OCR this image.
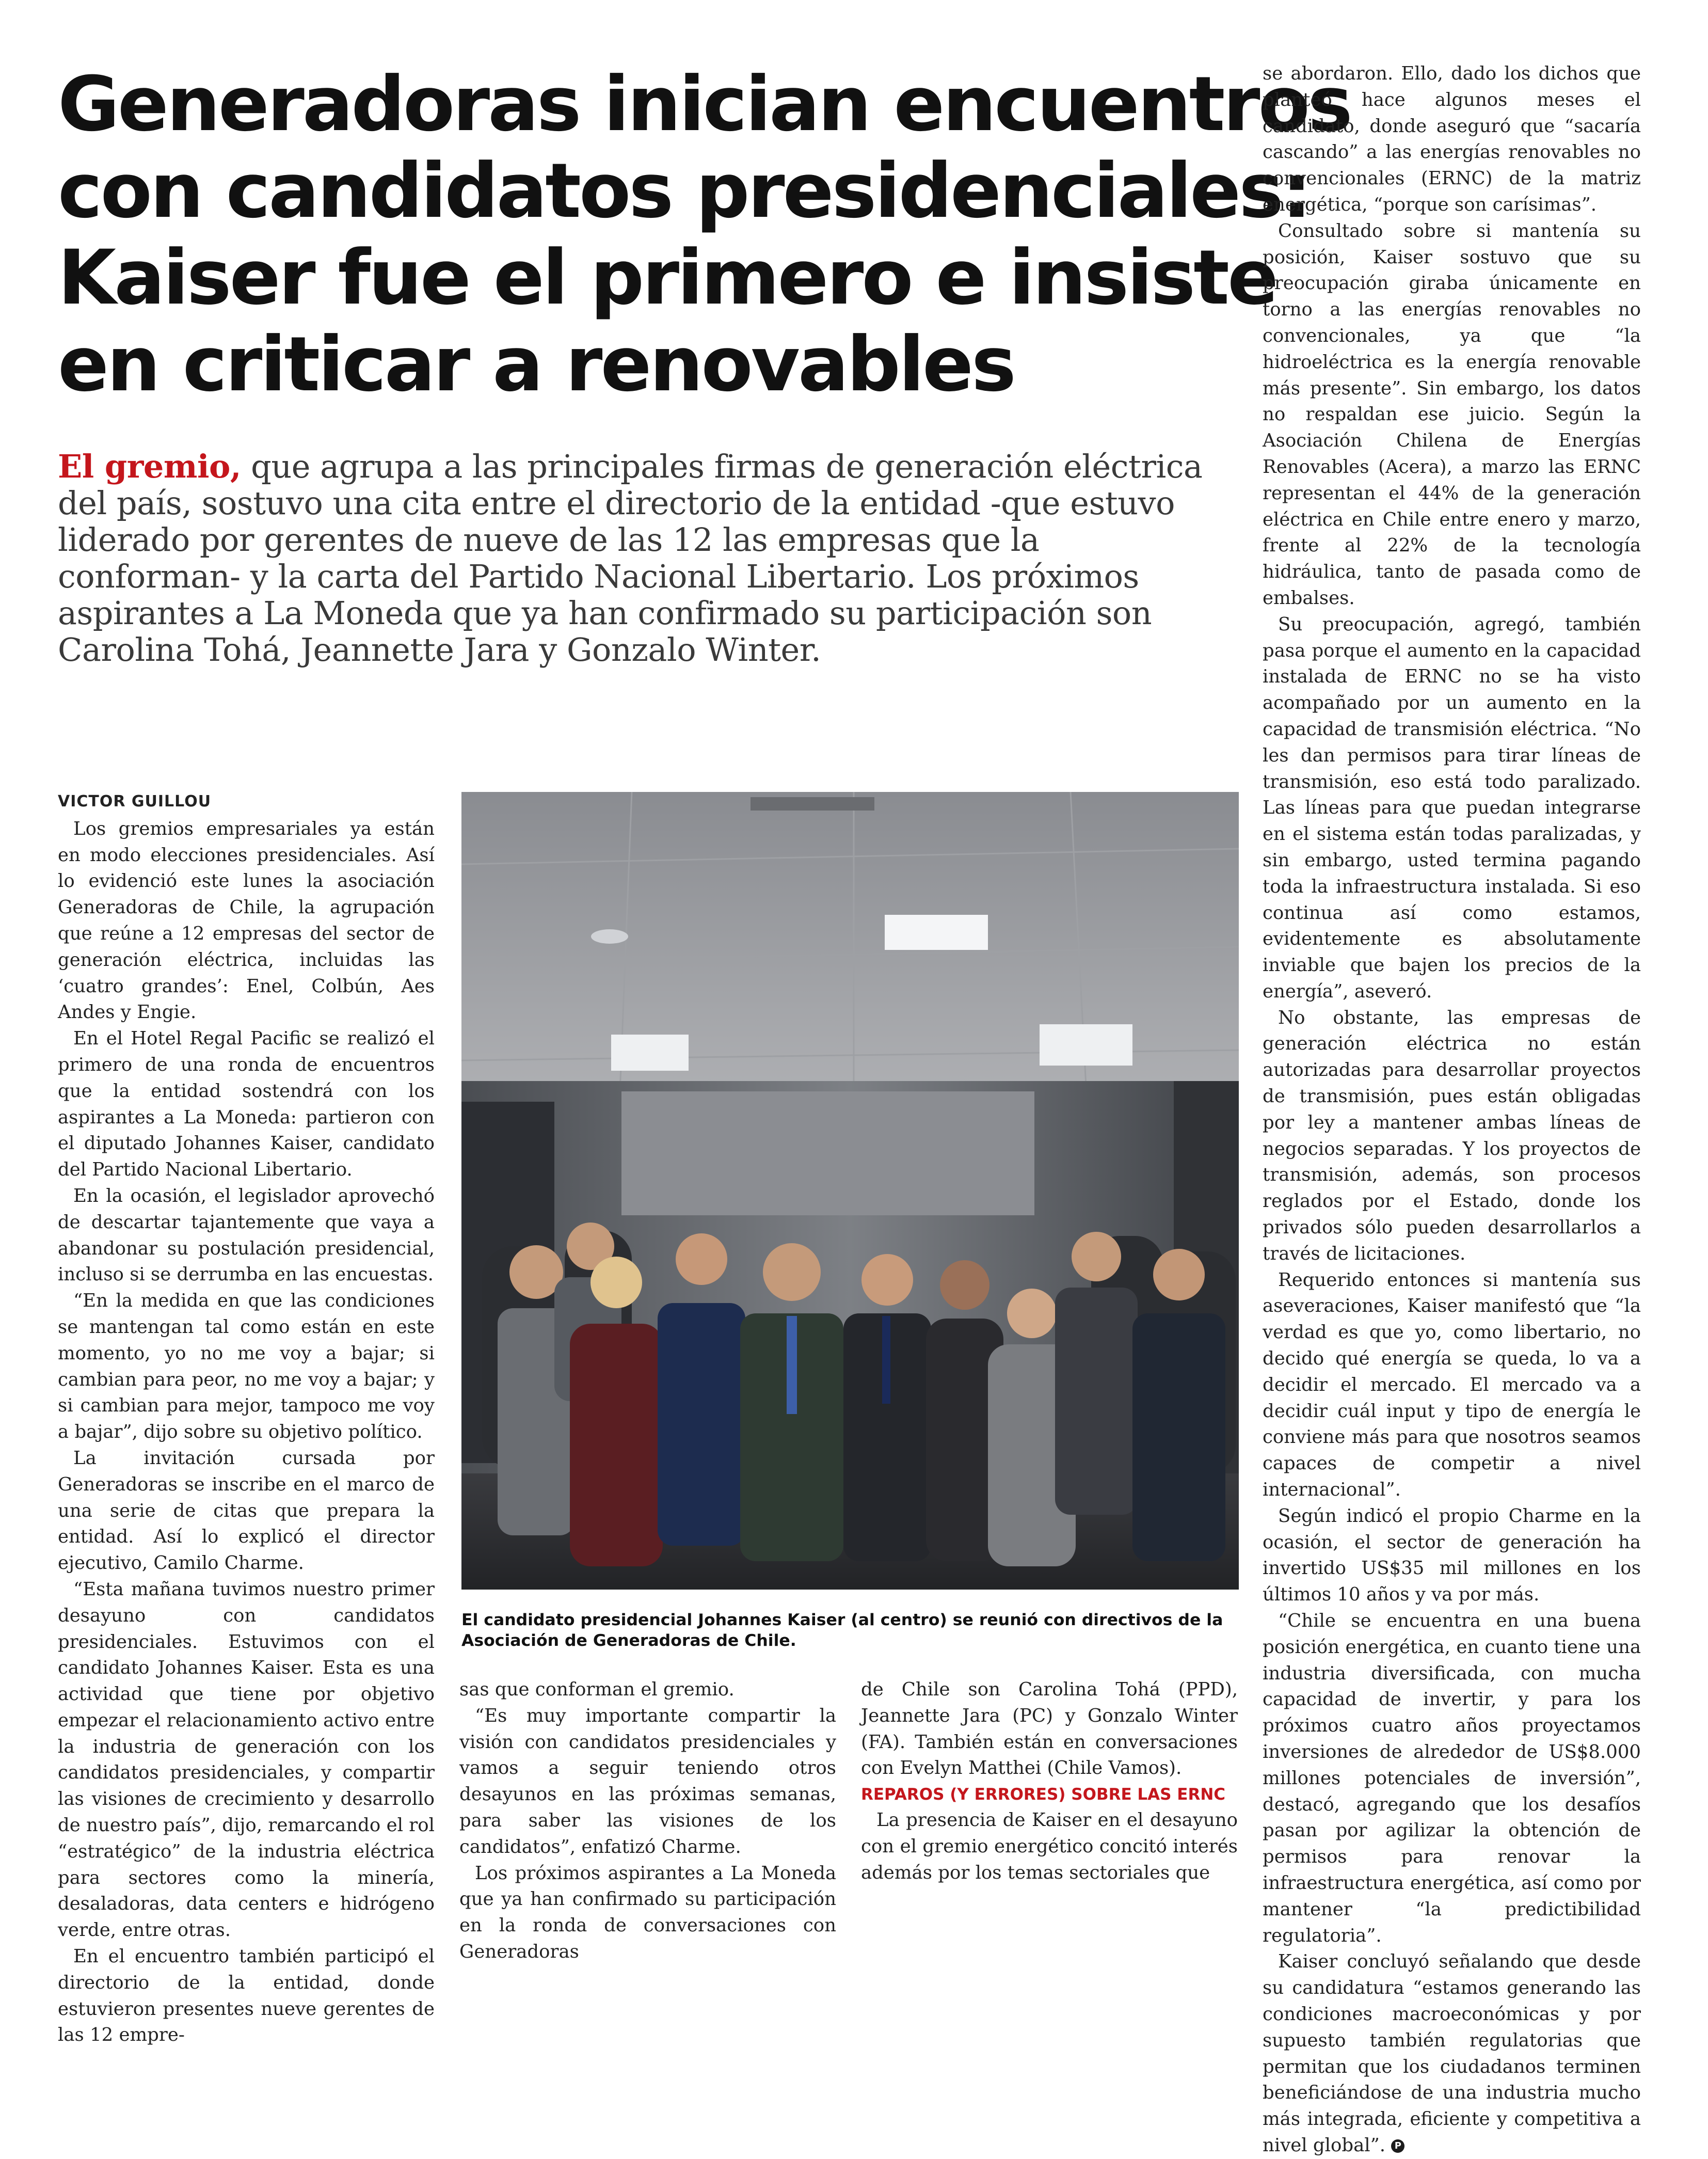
Generadoras inician encuentros
con candidatos presidenciales:
Kaiser fue el primero e insiste
en criticar a renovables
El gremio, que agrupa a las principales firmas de generación eléctrica del país, sostuvo una cita entre el directorio de la entidad -que estuvo liderado por gerentes de nueve de las 12 las empresas que la conforman- y la carta del Partido Nacional Libertario. Los próximos aspirantes a La Moneda que ya han confirmado su participación son Carolina Tohá, Jeannette Jara y Gonzalo Winter.
VICTOR GUILLOU

Los gremios empresariales ya están en modo elecciones presidenciales. Así lo evidenció este lunes la asociación Generadoras de Chile, la agrupación que reúne a 12 empresas del sector de generación eléctrica, incluidas las ‘cuatro grandes’: Enel, Colbún, Aes Andes y Engie.

En el Hotel Regal Pacific se realizó el primero de una ronda de encuentros que la entidad sostendrá con los aspirantes a La Moneda: partieron con el diputado Johannes Kaiser, candidato del Partido Nacional Libertario.

En la ocasión, el legislador aprovechó de descartar tajantemente que vaya a abandonar su postulación presidencial, incluso si se derrumba en las encuestas.

“En la medida en que las condiciones se mantengan tal como están en este momento, yo no me voy a bajar; si cambian para peor, no me voy a bajar; y si cambian para mejor, tampoco me voy a bajar”, dijo sobre su objetivo político.

La invitación cursada por Generadoras se inscribe en el marco de una serie de citas que prepara la entidad. Así lo explicó el director ejecutivo, Camilo Charme.

“Esta mañana tuvimos nuestro primer desayuno con candidatos presidenciales. Estuvimos con el candidato Johannes Kaiser. Esta es una actividad que tiene por objetivo empezar el relacionamiento activo entre la industria de generación con los candidatos presidenciales, y compartir las visiones de crecimiento y desarrollo de nuestro país”, dijo, remarcando el rol “estratégico” de la industria eléctrica para sectores como la minería, desaladoras, data centers e hidrógeno verde, entre otras.

En el encuentro también participó el directorio de la entidad, donde estuvieron presentes nueve gerentes de las 12 empre-

El candidato presidencial Johannes Kaiser (al centro) se reunió con directivos de la Asociación de Generadoras de Chile.

sas que conforman el gremio.

“Es muy importante compartir la visión con candidatos presidenciales y vamos a seguir teniendo otros desayunos en las próximas semanas, para saber las visiones de los candidatos”, enfatizó Charme.

Los próximos aspirantes a La Moneda que ya han confirmado su participación en la ronda de conversaciones con Generadoras

de Chile son Carolina Tohá (PPD), Jeannette Jara (PC) y Gonzalo Winter (FA). También están en conversaciones con Evelyn Matthei (Chile Vamos).

REPAROS (Y ERRORES) SOBRE LAS ERNC

La presencia de Kaiser en el desayuno con el gremio energético concitó interés además por los temas sectoriales que

se abordaron. Ello, dado los dichos que planteó hace algunos meses el candidato, donde aseguró que “sacaría cascando” a las energías renovables no convencionales (ERNC) de la matriz energética, “porque son carísimas”.

Consultado sobre si mantenía su posición, Kaiser sostuvo que su preocupación giraba únicamente en torno a las energías renovables no convencionales, ya que “la hidroeléctrica es la energía renovable más presente”. Sin embargo, los datos no respaldan ese juicio. Según la Asociación Chilena de Energías Renovables (Acera), a marzo las ERNC representan el 44% de la generación eléctrica en Chile entre enero y marzo, frente al 22% de la tecnología hidráulica, tanto de pasada como de embalses.

Su preocupación, agregó, también pasa porque el aumento en la capacidad instalada de ERNC no se ha visto acompañado por un aumento en la capacidad de transmisión eléctrica. “No les dan permisos para tirar líneas de transmisión, eso está todo paralizado. Las líneas para que puedan integrarse en el sistema están todas paralizadas, y sin embargo, usted termina pagando toda la infraestructura instalada. Si eso continua así como estamos, evidentemente es absolutamente inviable que bajen los precios de la energía”, aseveró.

No obstante, las empresas de generación eléctrica no están autorizadas para desarrollar proyectos de transmisión, pues están obligadas por ley a mantener ambas líneas de negocios separadas. Y los proyectos de transmisión, además, son procesos reglados por el Estado, donde los privados sólo pueden desarrollarlos a través de licitaciones.

Requerido entonces si mantenía sus aseveraciones, Kaiser manifestó que “la verdad es que yo, como libertario, no decido qué energía se queda, lo va a decidir el mercado. El mercado va a decidir cuál input y tipo de energía le conviene más para que nosotros seamos capaces de competir a nivel internacional”.

Según indicó el propio Charme en la ocasión, el sector de generación ha invertido US$35 mil millones en los últimos 10 años y va por más.

“Chile se encuentra en una buena posición energética, en cuanto tiene una industria diversificada, con mucha capacidad de invertir, y para los próximos cuatro años proyectamos inversiones de alrededor de US$8.000 millones potenciales de inversión”, destacó, agregando que los desafíos pasan por agilizar la obtención de permisos para renovar la infraestructura energética, así como por mantener “la predictibilidad regulatoria”.

Kaiser concluyó señalando que desde su candidatura “estamos generando las condiciones macroeconómicas y por supuesto también regulatorias que permitan que los ciudadanos terminen beneficiándose de una industria mucho más integrada, eficiente y competitiva a nivel global”. P
